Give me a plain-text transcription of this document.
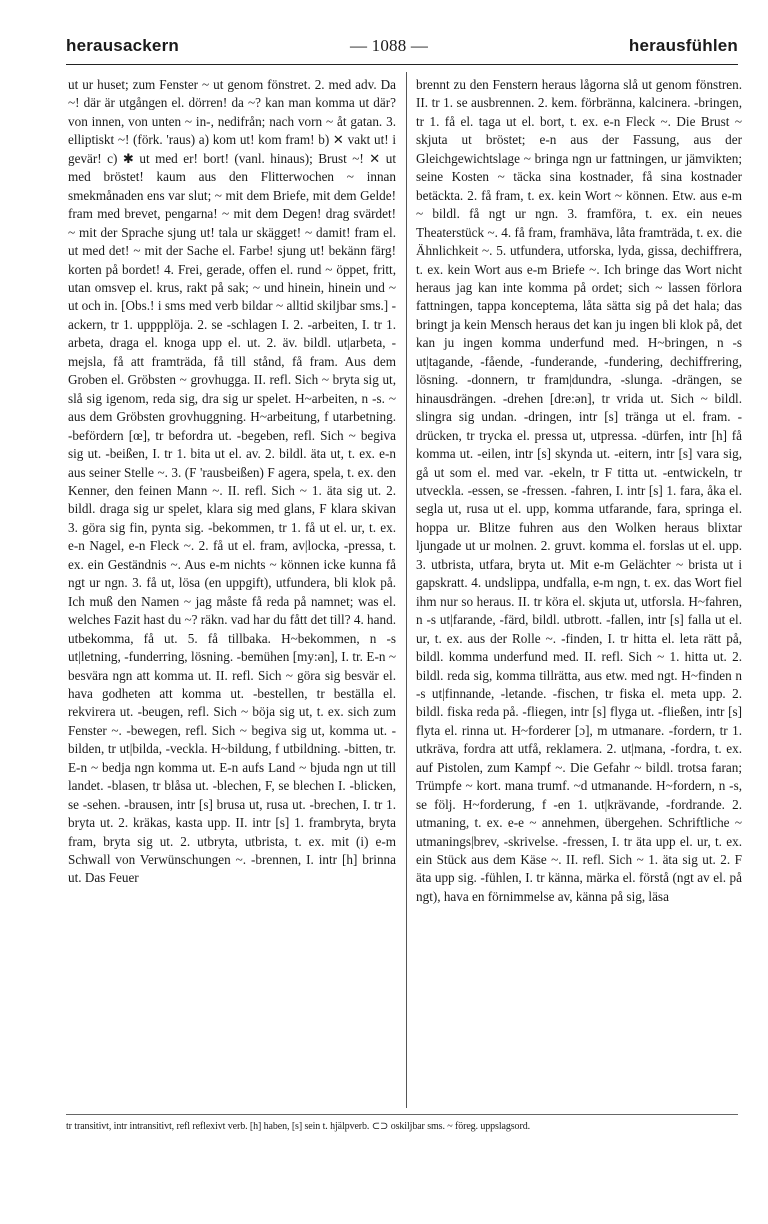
herausackern	— 1088 —	herausfühlen

ut ur huset; zum Fenster ~ ut genom fönstret. 2. med adv. Da ~! där är utgången el. dörren! da ~? kan man komma ut där? von innen, von unten ~ in-, nedifrån; nach vorn ~ åt gatan. 3. elliptiskt ~! (förk. 'raus) a) kom ut! kom fram! b) ✕ vakt ut! i gevär! c) ✱ ut med er! bort! (vanl. hinaus); Brust ~! ✕ ut med bröstet! kaum aus den Flitterwochen ~ innan smekmånaden ens var slut; ~ mit dem Briefe, mit dem Gelde! fram med brevet, pengarna! ~ mit dem Degen! drag svärdet! ~ mit der Sprache sjung ut! tala ur skägget! ~ damit! fram el. ut med det! ~ mit der Sache el. Farbe! sjung ut! bekänn färg! korten på bordet! 4. Frei, gerade, offen el. rund ~ öppet, fritt, utan omsvep el. krus, rakt på sak; ~ und hinein, hinein und ~ ut och in. [Obs.! i sms med verb bildar ~ alltid skiljbar sms.] -ackern, tr 1. upppplöja. 2. se -schlagen I. 2. -arbeiten, I. tr 1. arbeta, draga el. knoga upp el. ut. 2. äv. bildl. ut|arbeta, -mejsla, få att framträda, få till stånd, få fram. Aus dem Groben el. Gröbsten ~ grovhugga. II. refl. Sich ~ bryta sig ut, slå sig igenom, reda sig, dra sig ur spelet. H~arbeiten, n -s. ~ aus dem Gröbsten grovhuggning. H~arbeitung, f utarbetning. -befördern [œ], tr befordra ut. -begeben, refl. Sich ~ begiva sig ut. -beißen, I. tr 1. bita ut el. av. 2. bildl. äta ut, t. ex. e-n aus seiner Stelle ~. 3. (F 'rausbeißen) F agera, spela, t. ex. den Kenner, den feinen Mann ~. II. refl. Sich ~ 1. äta sig ut. 2. bildl. draga sig ur spelet, klara sig med glans, F klara skivan 3. göra sig fin, pynta sig. -bekommen, tr 1. få ut el. ur, t. ex. e-n Nagel, e-n Fleck ~. 2. få ut el. fram, av|locka, -pressa, t. ex. ein Geständnis ~. Aus e-m nichts ~ können icke kunna få ngt ur ngn. 3. få ut, lösa (en uppgift), utfundera, bli klok på. Ich muß den Namen ~ jag måste få reda på namnet; was el. welches Fazit hast du ~? räkn. vad har du fått det till? 4. hand. utbekomma, få ut. 5. få tillbaka. H~bekommen, n -s ut|letning, -funderring, lösning. -bemühen [my:ən], I. tr. E-n ~ besvära ngn att komma ut. II. refl. Sich ~ göra sig besvär el. hava godheten att komma ut. -bestellen, tr beställa el. rekvirera ut. -beugen, refl. Sich ~ böja sig ut, t. ex. sich zum Fenster ~. -bewegen, refl. Sich ~ begiva sig ut, komma ut. -bilden, tr ut|bilda, -veckla. H~bildung, f utbildning. -bitten, tr. E-n ~ bedja ngn komma ut. E-n aufs Land ~ bjuda ngn ut till landet. -blasen, tr blåsa ut. -blechen, F, se blechen I. -blicken, se -sehen. -brausen, intr [s] brusa ut, rusa ut. -brechen, I. tr 1. bryta ut. 2. kräkas, kasta upp. II. intr [s] 1. frambryta, bryta fram, bryta sig ut. 2. utbryta, utbrista, t. ex. mit (i) e-m Schwall von Verwünschungen ~. -brennen, I. intr [h] brinna ut. Das Feuer

brennt zu den Fenstern heraus lågorna slå ut genom fönstren. II. tr 1. se ausbrennen. 2. kem. förbränna, kalcinera. -bringen, tr 1. få el. taga ut el. bort, t. ex. e-n Fleck ~. Die Brust ~ skjuta ut bröstet; e-n aus der Fassung, aus der Gleichgewichtslage ~ bringa ngn ur fattningen, ur jämvikten; seine Kosten ~ täcka sina kostnader, få sina kostnader betäckta. 2. få fram, t. ex. kein Wort ~ können. Etw. aus e-m ~ bildl. få ngt ur ngn. 3. framföra, t. ex. ein neues Theaterstück ~. 4. få fram, framhäva, låta framträda, t. ex. die Ähnlichkeit ~. 5. utfundera, utforska, lyda, gissa, dechiffrera, t. ex. kein Wort aus e-m Briefe ~. Ich bringe das Wort nicht heraus jag kan inte komma på ordet; sich ~ lassen förlora fattningen, tappa konceptema, låta sätta sig på det hala; das bringt ja kein Mensch heraus det kan ju ingen bli klok på, det kan ju ingen komma underfund med. H~bringen, n -s ut|tagande, -fående, -funderande, -fundering, dechiffrering, lösning. -donnern, tr fram|dundra, -slunga. -drängen, se hinausdrängen. -drehen [dre:ən], tr vrida ut. Sich ~ bildl. slingra sig undan. -dringen, intr [s] tränga ut el. fram. -drücken, tr trycka el. pressa ut, utpressa. -dürfen, intr [h] få komma ut. -eilen, intr [s] skynda ut. -eitern, intr [s] vara sig, gå ut som el. med var. -ekeln, tr F titta ut. -entwickeln, tr utveckla. -essen, se -fressen. -fahren, I. intr [s] 1. fara, åka el. segla ut, rusa ut el. upp, komma utfarande, fara, springa el. hoppa ur. Blitze fuhren aus den Wolken heraus blixtar ljungade ut ur molnen. 2. gruvt. komma el. forslas ut el. upp. 3. utbrista, utfara, bryta ut. Mit e-m Gelächter ~ brista ut i gapskratt. 4. undslippa, undfalla, e-m ngn, t. ex. das Wort fiel ihm nur so heraus. II. tr köra el. skjuta ut, utforsla. H~fahren, n -s ut|farande, -färd, bildl. utbrott. -fallen, intr [s] falla ut el. ur, t. ex. aus der Rolle ~. -finden, I. tr hitta el. leta rätt på, bildl. komma underfund med. II. refl. Sich ~ 1. hitta ut. 2. bildl. reda sig, komma tillrätta, aus etw. med ngt. H~finden n -s ut|finnande, -letande. -fischen, tr fiska el. meta upp. 2. bildl. fiska reda på. -fliegen, intr [s] flyga ut. -fließen, intr [s] flyta el. rinna ut. H~forderer [ɔ], m utmanare. -fordern, tr 1. utkräva, fordra att utfå, reklamera. 2. ut|mana, -fordra, t. ex. auf Pistolen, zum Kampf ~. Die Gefahr ~ bildl. trotsa faran; Trümpfe ~ kort. mana trumf. ~d utmanande. H~fordern, n -s, se följ. H~forderung, f -en 1. ut|krävande, -fordrande. 2. utmaning, t. ex. e-e ~ annehmen, übergehen. Schriftliche ~ utmanings|brev, -skrivelse. -fressen, I. tr äta upp el. ur, t. ex. ein Stück aus dem Käse ~. II. refl. Sich ~ 1. äta sig ut. 2. F äta upp sig. -fühlen, I. tr känna, märka el. förstå (ngt av el. på ngt), hava en förnimmelse av, känna på sig, läsa

tr transitivt, intr intransitivt, refl reflexivt verb. [h] haben, [s] sein t. hjälpverb. ⊂⊃ oskiljbar sms. ~ föreg. uppslagsord.
